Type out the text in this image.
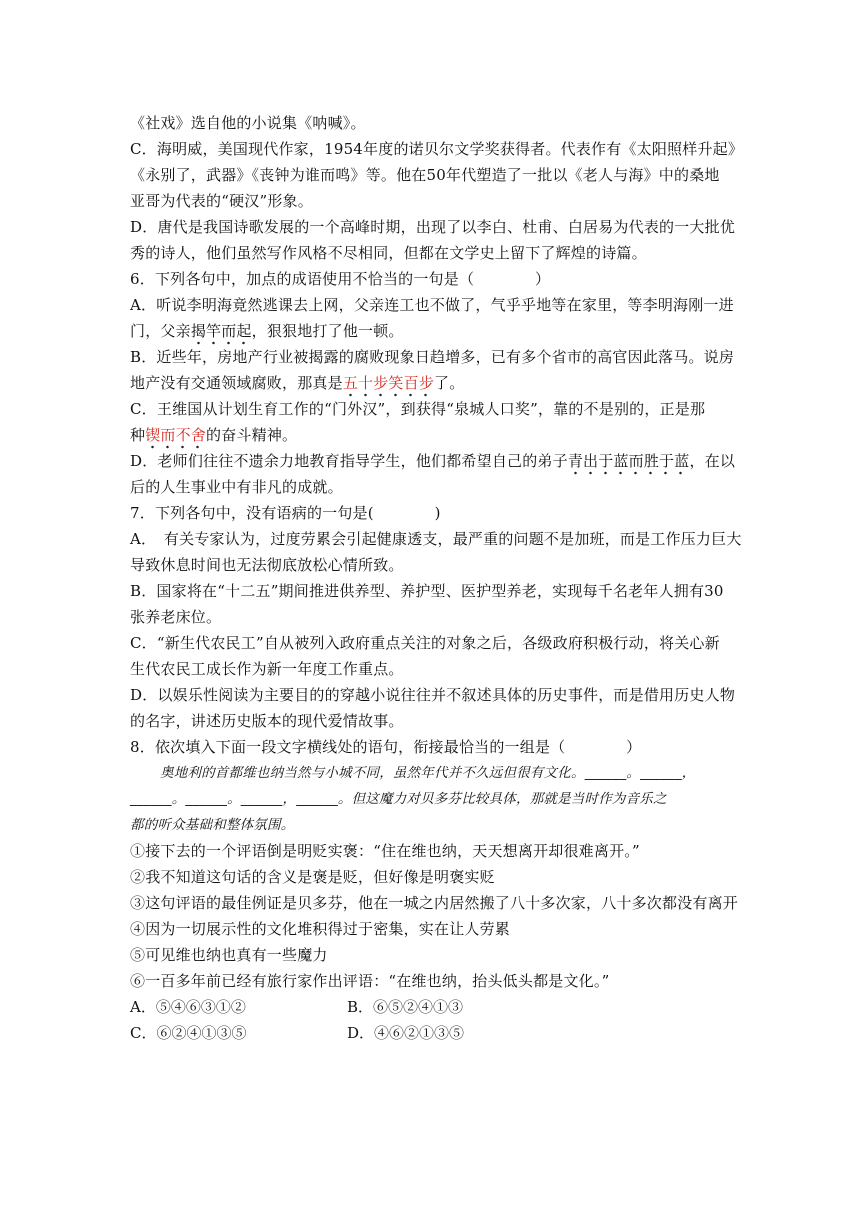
《社戏》选自他的小说集《呐喊》。
C．海明威，美国现代作家，1954年度的诺贝尔文学奖获得者。代表作有《太阳照样升起》
《永别了，武器》《丧钟为谁而鸣》等。他在50年代塑造了一批以《老人与海》中的桑地
亚哥为代表的“硬汉”形象。
D．唐代是我国诗歌发展的一个高峰时期，出现了以李白、杜甫、白居易为代表的一大批优
秀的诗人，他们虽然写作风格不尽相同，但都在文学史上留下了辉煌的诗篇。
6．下列各句中，加点的成语使用不恰当的一句是（　　　　）
A．听说李明海竟然逃课去上网，父亲连工也不做了，气乎乎地等在家里，等李明海刚一进
门，父亲揭竿而起，狠狠地打了他一顿。
B．近些年，房地产行业被揭露的腐败现象日趋增多，已有多个省市的高官因此落马。说房
地产没有交通领域腐败，那真是五十步笑百步了。
C．王维国从计划生育工作的“门外汉”，到获得“泉城人口奖”，靠的不是别的，正是那
种锲而不舍的奋斗精神。
D．老师们往往不遗余力地教育指导学生，他们都希望自己的弟子青出于蓝而胜于蓝，在以
后的人生事业中有非凡的成就。
7．下列各句中，没有语病的一句是(　　　　)
A．　有关专家认为，过度劳累会引起健康透支，最严重的问题不是加班，而是工作压力巨大
导致休息时间也无法彻底放松心情所致。
B．国家将在“十二五”期间推进供养型、养护型、医护型养老，实现每千名老年人拥有30
张养老床位。
C．“新生代农民工”自从被列入政府重点关注的对象之后，各级政府积极行动，将关心新
生代农民工成长作为新一年度工作重点。
D．以娱乐性阅读为主要目的的穿越小说往往并不叙述具体的历史事件，而是借用历史人物
的名字，讲述历史版本的现代爱情故事。
8．依次填入下面一段文字横线处的语句，衔接最恰当的一组是（　　　　）
奥地利的首都维也纳当然与小城不同，虽然年代并不久远但很有文化。______。______，
______。______。______，______。但这魔力对贝多芬比较具体，那就是当时作为音乐之
都的听众基础和整体氛围。
①接下去的一个评语倒是明贬实褒：“住在维也纳，天天想离开却很难离开。”
②我不知道这句话的含义是褒是贬，但好像是明褒实贬
③这句评语的最佳例证是贝多芬，他在一城之内居然搬了八十多次家，八十多次都没有离开
④因为一切展示性的文化堆积得过于密集，实在让人劳累
⑤可见维也纳也真有一些魔力
⑥一百多年前已经有旅行家作出评语：“在维也纳，抬头低头都是文化。”
A．⑤④⑥③①②	B．⑥⑤②④①③
C．⑥②④①③⑤	D．④⑥②①③⑤
